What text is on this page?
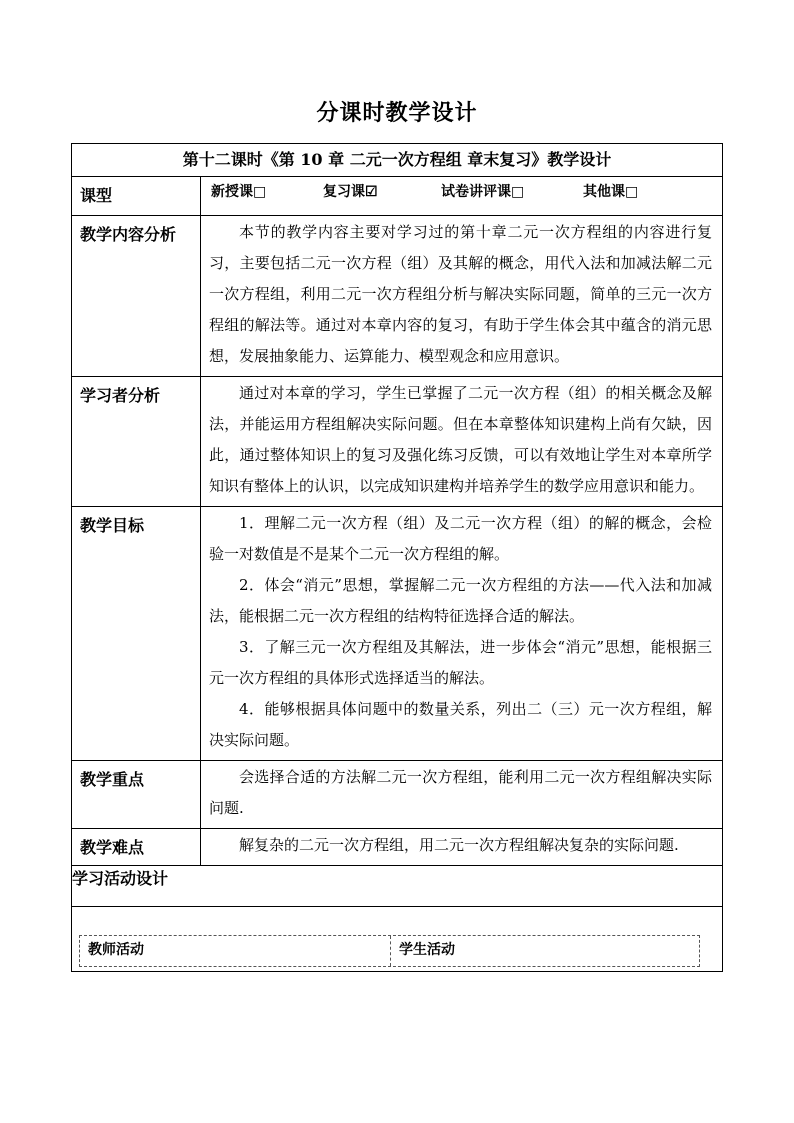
分课时教学设计
第十二课时《第 10 章 二元一次方程组 章末复习》教学设计	
课型	新授课□ 复习课☑ 试卷讲评课□ 其他课□

教学内容分析	本节的教学内容主要对学习过的第十章二元一次方程组的内容进行复习，主要包括二元一次方程（组）及其解的概念，用代入法和加减法解二元一次方程组，利用二元一次方程组分析与解决实际同题，简单的三元一次方程组的解法等。通过对本章内容的复习，有助于学生体会其中蕴含的消元思想，发展抽象能力、运算能力、模型观念和应用意识。

学习者分析	通过对本章的学习，学生已掌握了二元一次方程（组）的相关概念及解法，并能运用方程组解决实际问题。但在本章整体知识建构上尚有欠缺，因此，通过整体知识上的复习及强化练习反馈，可以有效地让学生对本章所学知识有整体上的认识，以完成知识建构并培养学生的数学应用意识和能力。

教学目标	1．理解二元一次方程（组）及二元一次方程（组）的解的概念，会检验一对数值是不是某个二元一次方程组的解。
2．体会“消元”思想，掌握解二元一次方程组的方法——代入法和加减法，能根据二元一次方程组的结构特征选择合适的解法。
3．了解三元一次方程组及其解法，进一步体会“消元”思想，能根据三元一次方程组的具体形式选择适当的解法。
4．能够根据具体问题中的数量关系，列出二（三）元一次方程组，解决实际问题。

教学重点	会选择合适的方法解二元一次方程组，能利用二元一次方程组解决实际问题.

教学难点	解复杂的二元一次方程组，用二元一次方程组解决复杂的实际问题.

学习活动设计	

教师活动 学生活动	
